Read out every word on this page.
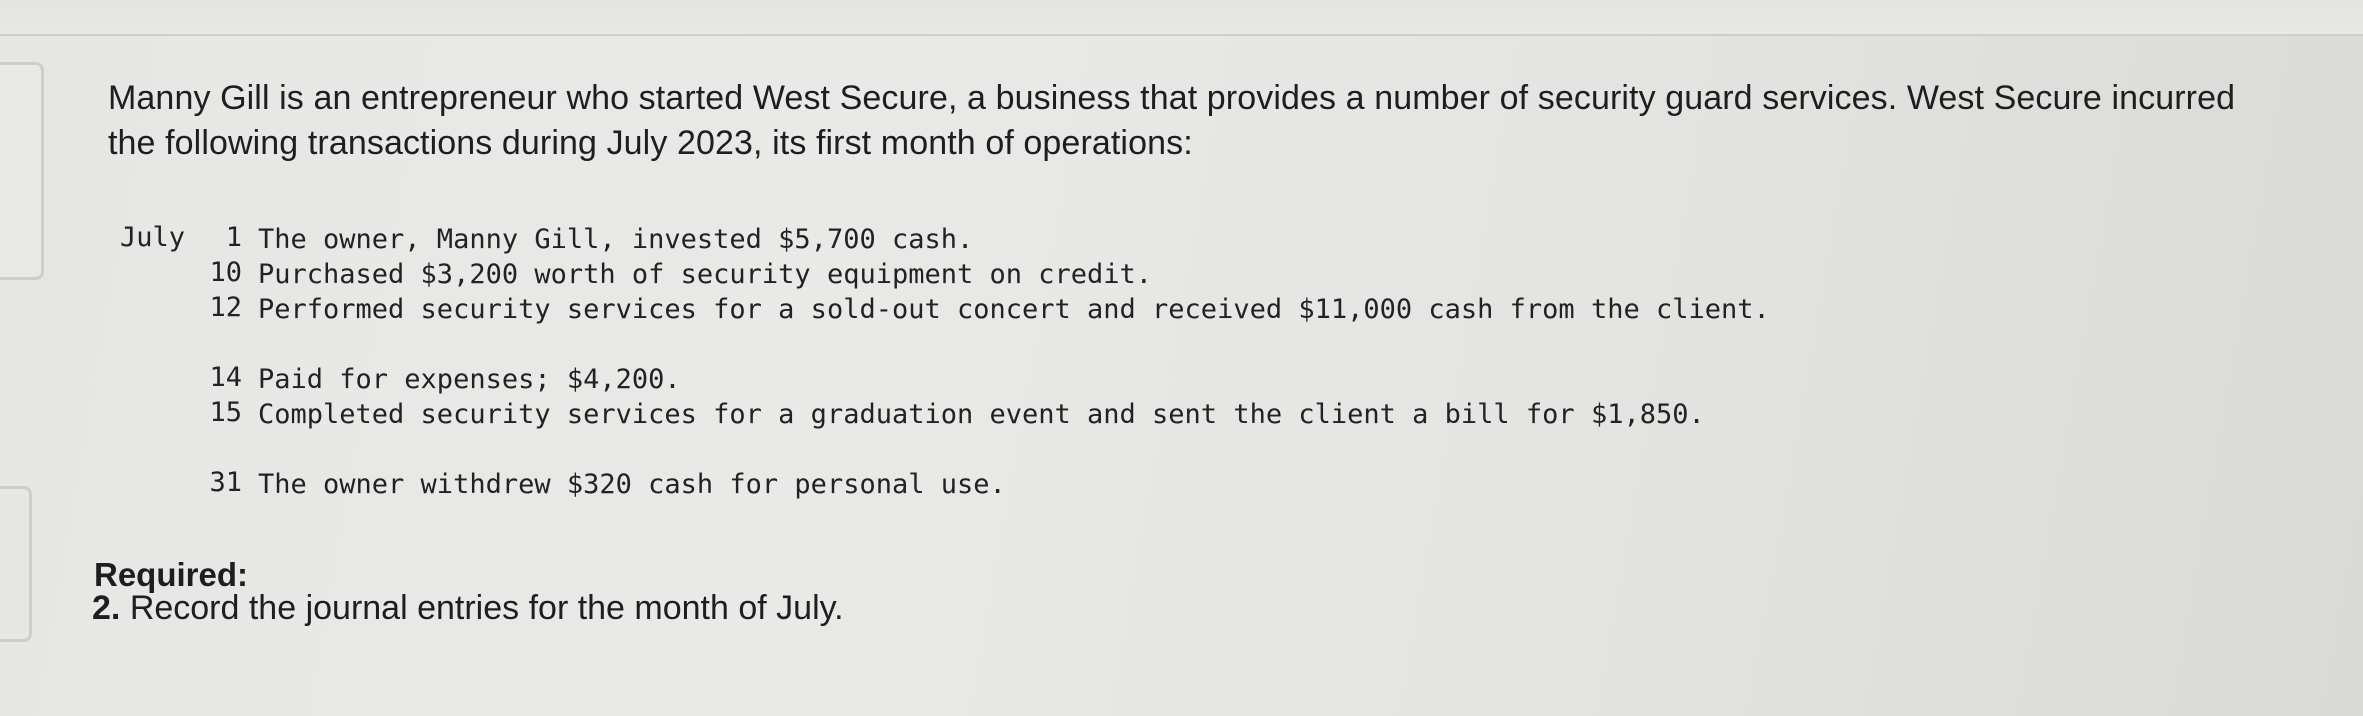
Manny Gill is an entrepreneur who started West Secure, a business that provides a number of security guard services. West Secure incurred the following transactions during July 2023, its first month of operations:

July	1 The owner, Manny Gill, invested $5,700 cash.
10 Purchased $3,200 worth of security equipment on credit.
12 Performed security services for a sold-out concert and received $11,000 cash from the client.
14 Paid for expenses; $4,200.
15 Completed security services for a graduation event and sent the client a bill for $1,850.
31 The owner withdrew $320 cash for personal use.
Required:

2. Record the journal entries for the month of July.
